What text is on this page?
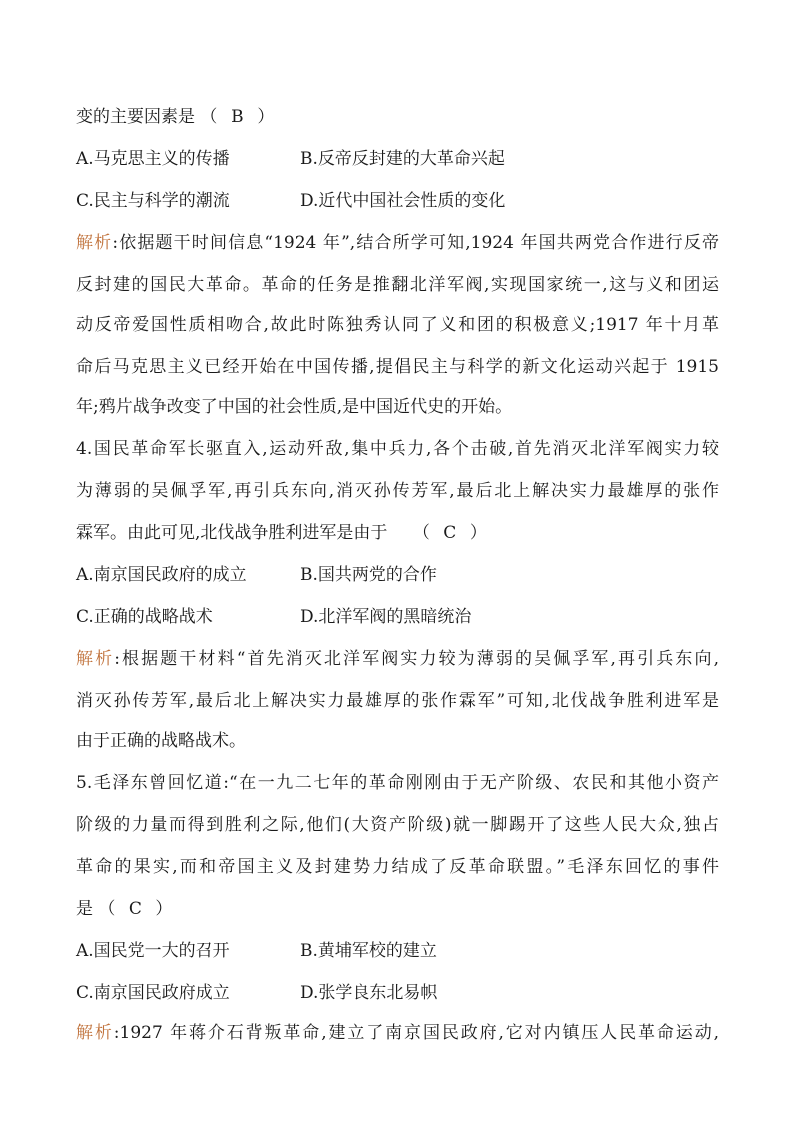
变的主要因素是 （ B ）
A.马克思主义的传播	B.反帝反封建的大革命兴起
C.民主与科学的潮流	D.近代中国社会性质的变化
解析:依据题干时间信息“1924 年”,结合所学可知,1924 年国共两党合作进行反帝
反封建的国民大革命。革命的任务是推翻北洋军阀,实现国家统一,这与义和团运
动反帝爱国性质相吻合,故此时陈独秀认同了义和团的积极意义;1917 年十月革
命后马克思主义已经开始在中国传播,提倡民主与科学的新文化运动兴起于 1915
年;鸦片战争改变了中国的社会性质,是中国近代史的开始。
4.国民革命军长驱直入,运动歼敌,集中兵力,各个击破,首先消灭北洋军阀实力较
为薄弱的吴佩孚军,再引兵东向,消灭孙传芳军,最后北上解决实力最雄厚的张作
霖军。由此可见,北伐战争胜利进军是由于 （ C ）
A.南京国民政府的成立	B.国共两党的合作
C.正确的战略战术	D.北洋军阀的黑暗统治
解析:根据题干材料“首先消灭北洋军阀实力较为薄弱的吴佩孚军,再引兵东向,
消灭孙传芳军,最后北上解决实力最雄厚的张作霖军”可知,北伐战争胜利进军是
由于正确的战略战术。
5.毛泽东曾回忆道:“在一九二七年的革命刚刚由于无产阶级、农民和其他小资产
阶级的力量而得到胜利之际,他们(大资产阶级)就一脚踢开了这些人民大众,独占
革命的果实,而和帝国主义及封建势力结成了反革命联盟。”毛泽东回忆的事件
是 （ C ）
A.国民党一大的召开	B.黄埔军校的建立
C.南京国民政府成立	D.张学良东北易帜
解析:1927 年蒋介石背叛革命,建立了南京国民政府,它对内镇压人民革命运动,
